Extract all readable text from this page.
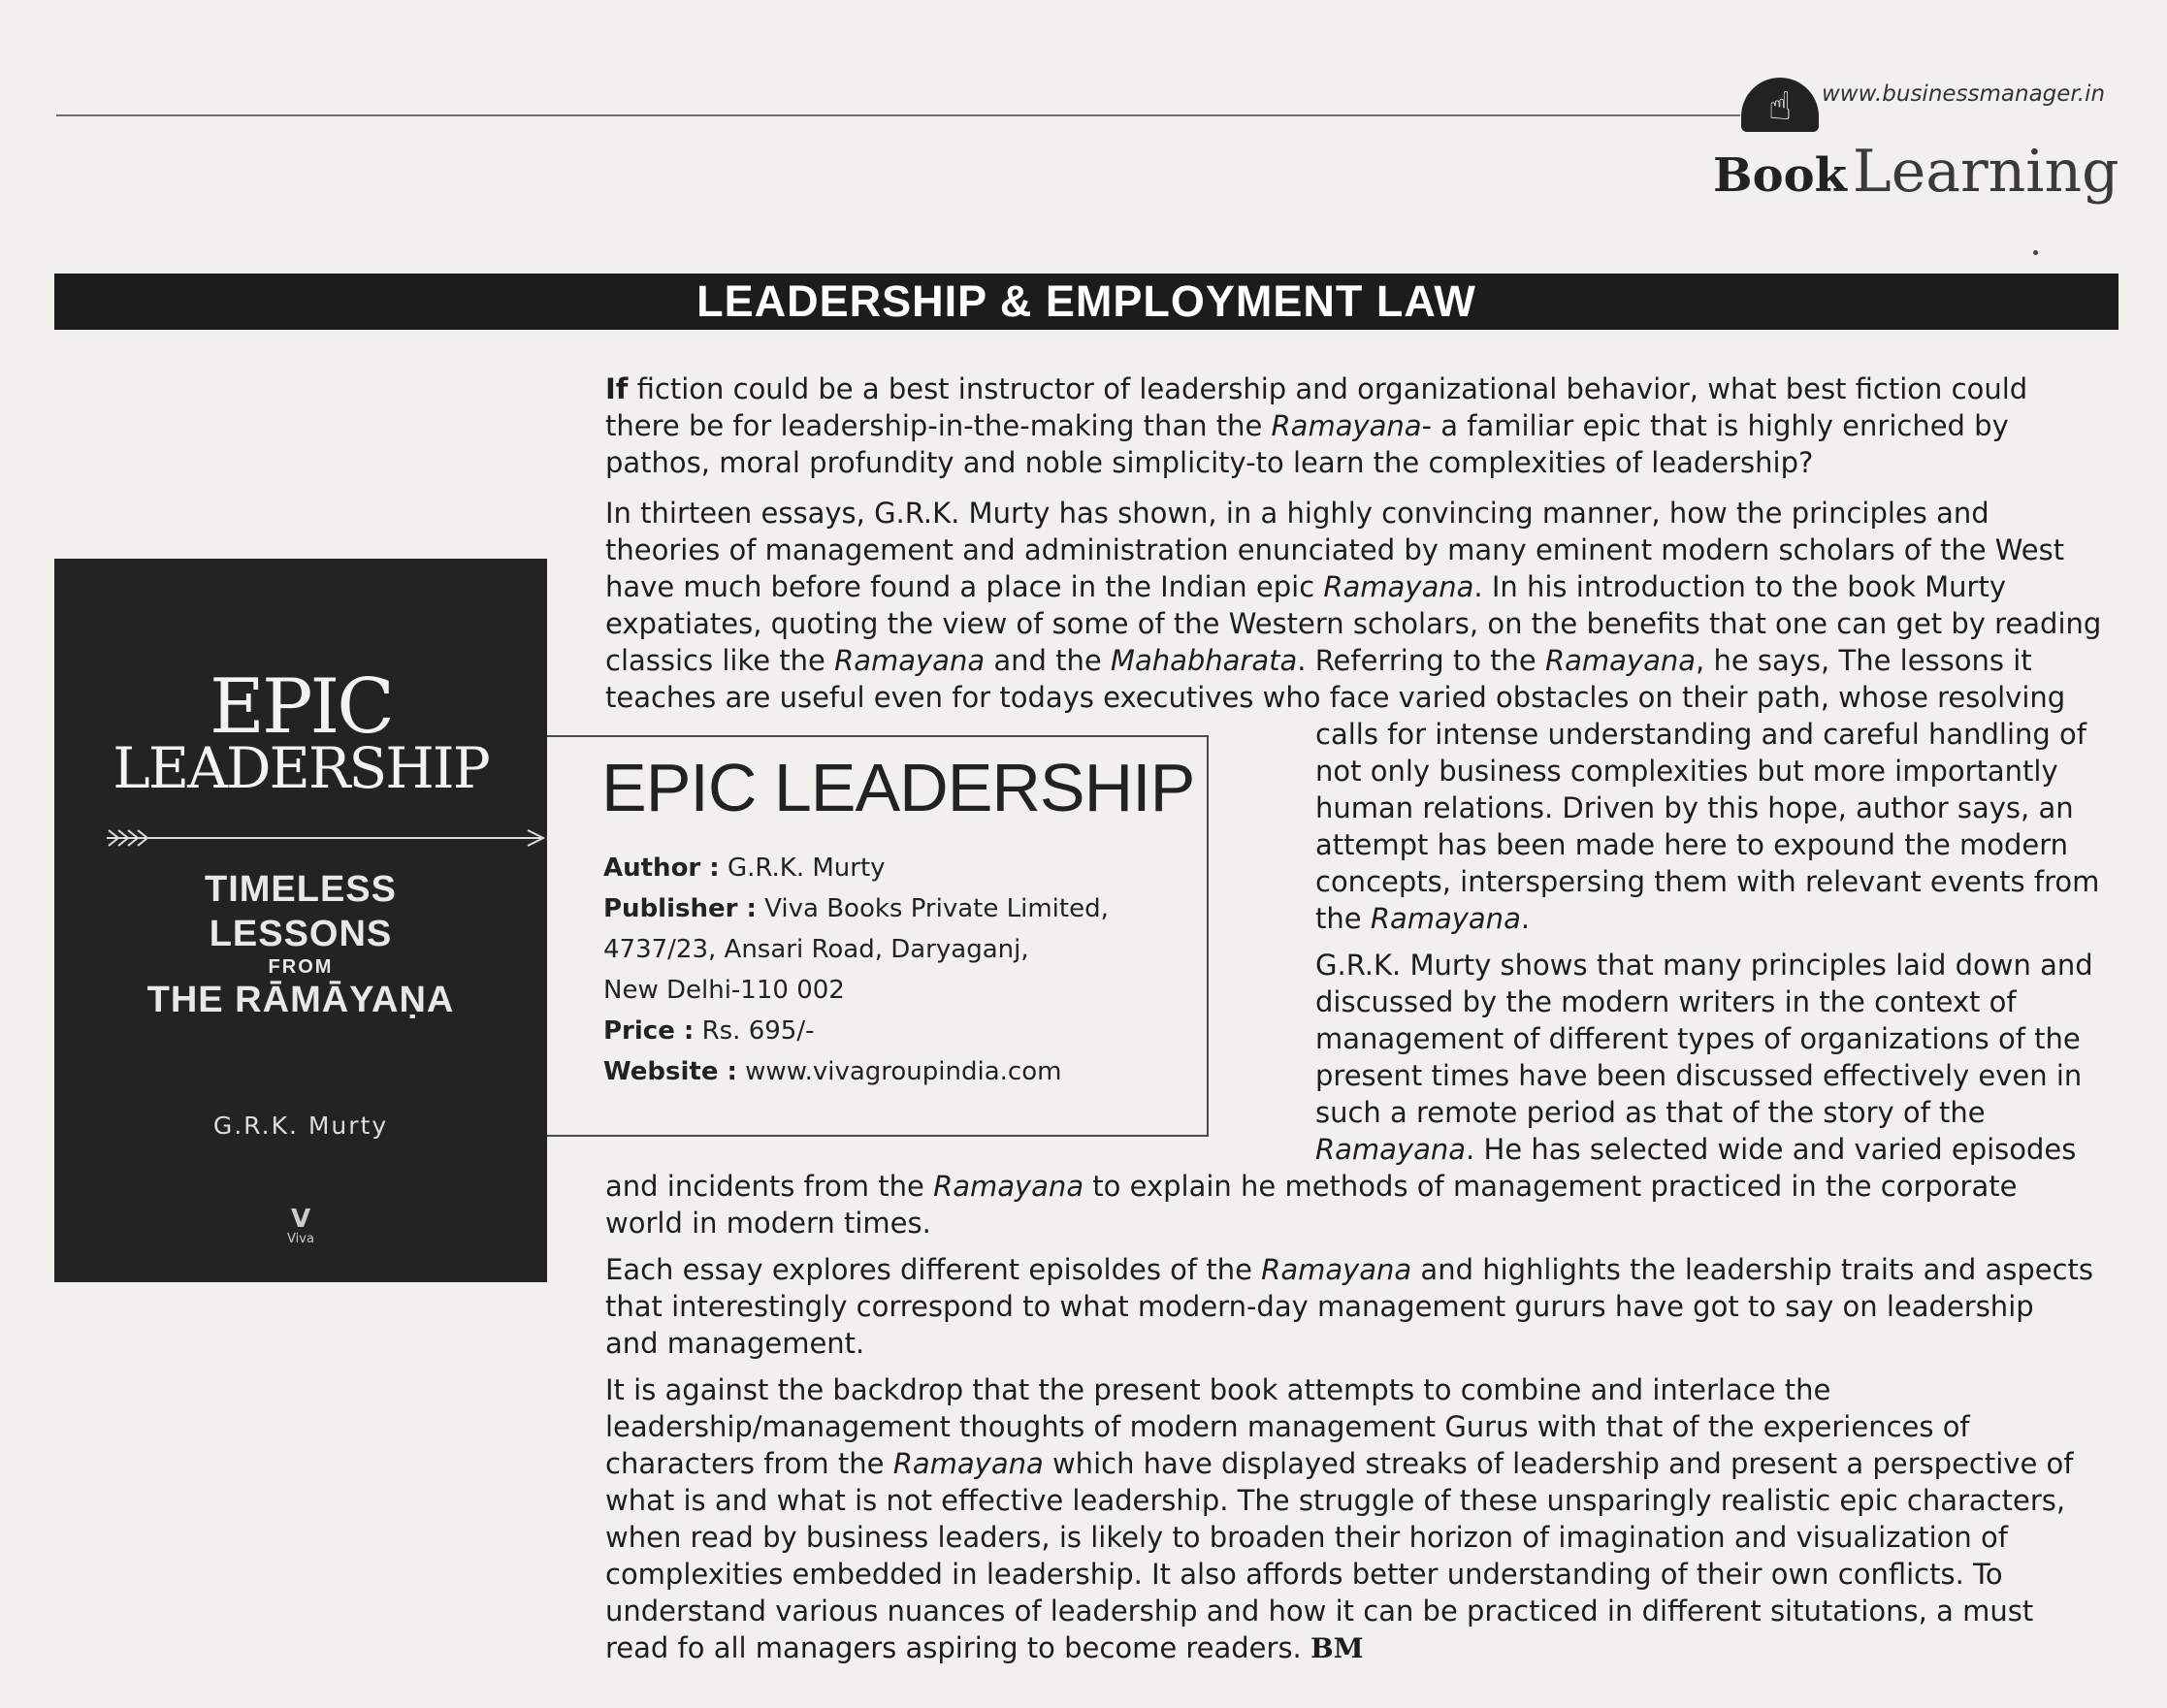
☝	www.businessmanager.in
Book Learning
LEADERSHIP & EMPLOYMENT LAW
EPIC
LEADERSHIP
TIMELESS
LESSONS
FROM
THE RĀMĀYAṆA
G.R.K. Murty
V
Viva
EPIC LEADERSHIP
Author : G.R.K. Murty
Publisher : Viva Books Private Limited,
4737/23, Ansari Road, Daryaganj,
New Delhi-110 002
Price : Rs. 695/-
Website : www.vivagroupindia.com
If fiction could be a best instructor of leadership and organizational behavior, what best fiction could
there be for leadership-in-the-making than the Ramayana- a familiar epic that is highly enriched by
pathos, moral profundity and noble simplicity-to learn the complexities of leadership?
In thirteen essays, G.R.K. Murty has shown, in a highly convincing manner, how the principles and
theories of management and administration enunciated by many eminent modern scholars of the West
have much before found a place in the Indian epic Ramayana. In his introduction to the book Murty
expatiates, quoting the view of some of the Western scholars, on the benefits that one can get by reading
classics like the Ramayana and the Mahabharata. Referring to the Ramayana, he says, The lessons it
teaches are useful even for todays executives who face varied obstacles on their path, whose resolving
calls for intense understanding and careful handling of
not only business complexities but more importantly
human relations. Driven by this hope, author says, an
attempt has been made here to expound the modern
concepts, interspersing them with relevant events from
the Ramayana.
G.R.K. Murty shows that many principles laid down and
discussed by the modern writers in the context of
management of different types of organizations of the
present times have been discussed effectively even in
such a remote period as that of the story of the
Ramayana. He has selected wide and varied episodes
and incidents from the Ramayana to explain he methods of management practiced in the corporate
world in modern times.
Each essay explores different episoldes of the Ramayana and highlights the leadership traits and aspects
that interestingly correspond to what modern-day management gururs have got to say on leadership
and management.
It is against the backdrop that the present book attempts to combine and interlace the
leadership/management thoughts of modern management Gurus with that of the experiences of
characters from the Ramayana which have displayed streaks of leadership and present a perspective of
what is and what is not effective leadership. The struggle of these unsparingly realistic epic characters,
when read by business leaders, is likely to broaden their horizon of imagination and visualization of
complexities embedded in leadership. It also affords better understanding of their own conflicts. To
understand various nuances of leadership and how it can be practiced in different situtations, a must
read fo all managers aspiring to become readers. BM
